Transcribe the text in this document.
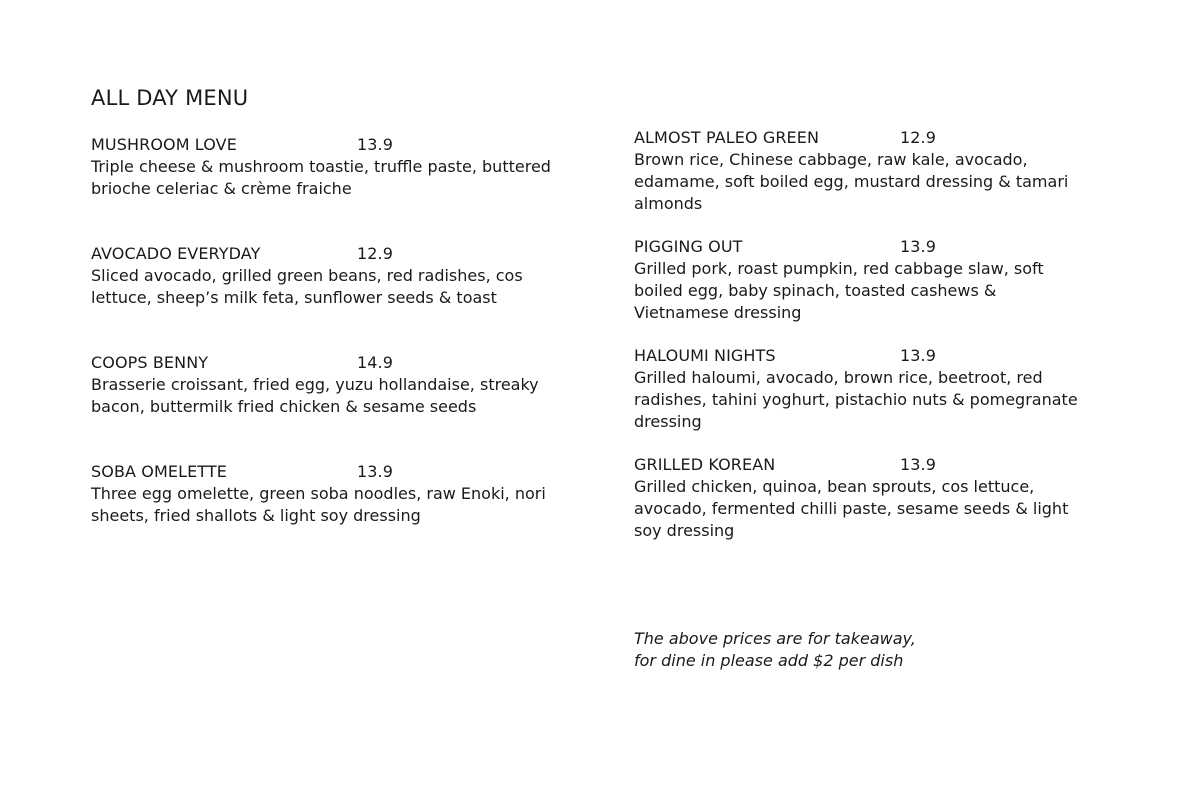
ALL DAY MENU
MUSHROOM LOVE	13.9

Triple cheese & mushroom toastie, truffle paste, buttered
brioche celeriac & crème fraiche

AVOCADO EVERYDAY	12.9

Sliced avocado, grilled green beans, red radishes, cos
lettuce, sheep’s milk feta, sunflower seeds & toast

COOPS BENNY	14.9

Brasserie croissant, fried egg, yuzu hollandaise, streaky
bacon, buttermilk fried chicken & sesame seeds

SOBA OMELETTE	13.9

Three egg omelette, green soba noodles, raw Enoki, nori
sheets, fried shallots & light soy dressing

ALMOST PALEO GREEN	12.9

Brown rice, Chinese cabbage, raw kale, avocado,
edamame, soft boiled egg, mustard dressing & tamari
almonds

PIGGING OUT	13.9

Grilled pork, roast pumpkin, red cabbage slaw, soft
boiled egg, baby spinach, toasted cashews &
Vietnamese dressing

HALOUMI NIGHTS	13.9

Grilled haloumi, avocado, brown rice, beetroot, red
radishes, tahini yoghurt, pistachio nuts & pomegranate
dressing

GRILLED KOREAN	13.9

Grilled chicken, quinoa, bean sprouts, cos lettuce,
avocado, fermented chilli paste, sesame seeds & light
soy dressing

The above prices are for takeaway,
for dine in please add $2 per dish
